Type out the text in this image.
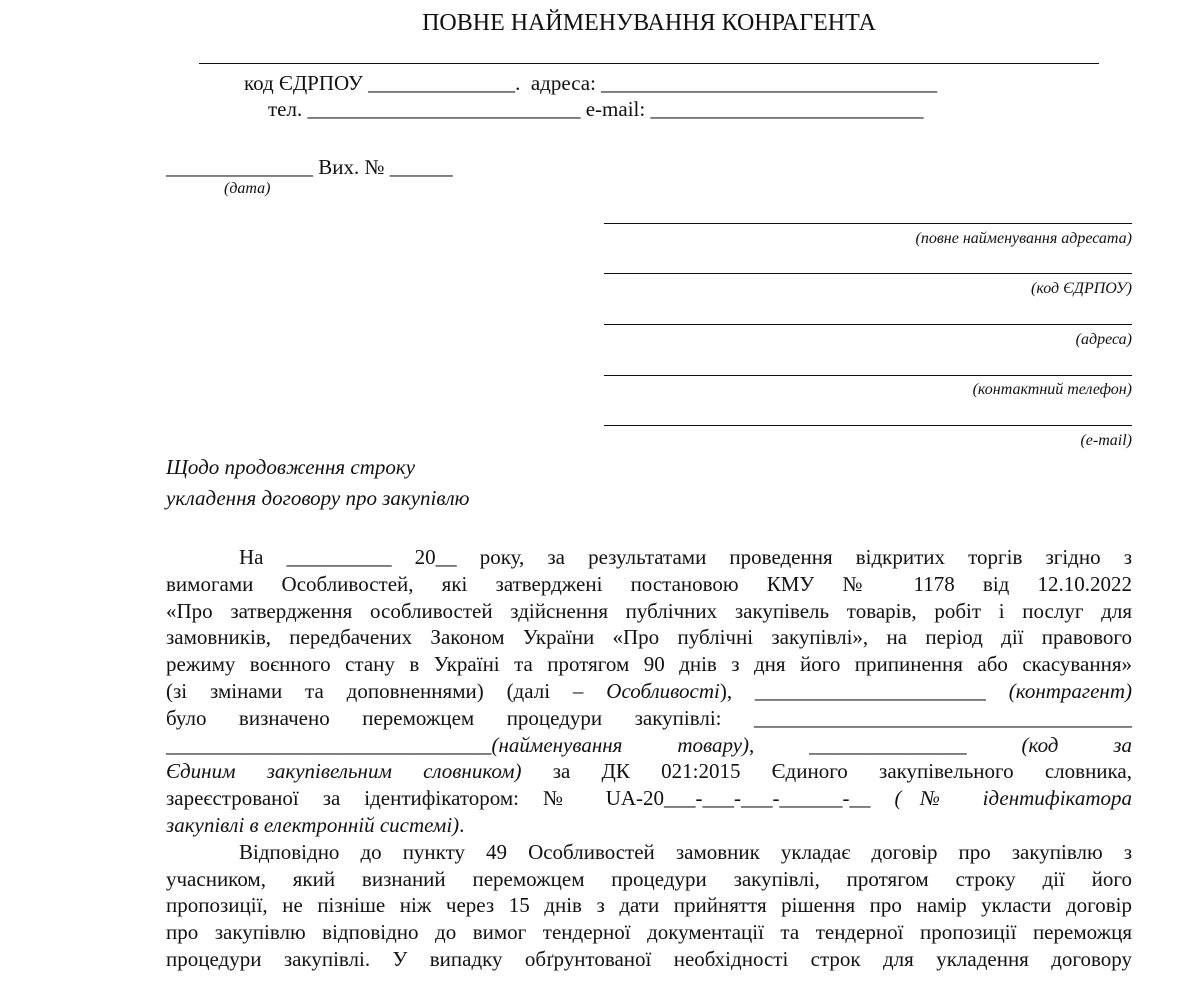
ПОВНЕ НАЙМЕНУВАННЯ КОНРАГЕНТА
код ЄДРПОУ ______________.  адреса: ________________________________
тел. __________________________ e-mail: __________________________
______________ Вих. № ______
(дата)
(повне найменування адресата)
(код ЄДРПОУ)
(адреса)
(контактний телефон)
(e-mail)
Щодо продовження строку
укладення договору про закупівлю
На __________ 20__ року, за результатами проведення відкритих торгів згідно з
вимогами Особливостей, які затверджені постановою КМУ № 1178 від 12.10.2022
«Про затвердження особливостей здійснення публічних закупівель товарів, робіт і послуг для
замовників, передбачених Законом України «Про публічні закупівлі», на період дії правового
режиму воєнного стану в Україні та протягом 90 днів з дня його припинення або скасування»
(зі змінами та доповненнями) (далі – Особливості), ______________________ (контрагент)
було визначено переможцем процедури закупівлі: ____________________________________
_______________________________(найменування товару), _______________ (код за
Єдиним закупівельним словником) за ДК 021:2015 Єдиного закупівельного словника,
зареєстрованої за ідентифікатором: № UA-20___-___-___-______-__ (№ ідентифікатора
закупівлі в електронній системі).
Відповідно до пункту 49 Особливостей замовник укладає договір про закупівлю з
учасником, який визнаний переможцем процедури закупівлі, протягом строку дії його
пропозиції, не пізніше ніж через 15 днів з дати прийняття рішення про намір укласти договір
про закупівлю відповідно до вимог тендерної документації та тендерної пропозиції переможця
процедури закупівлі. У випадку обґрунтованої необхідності строк для укладення договору
